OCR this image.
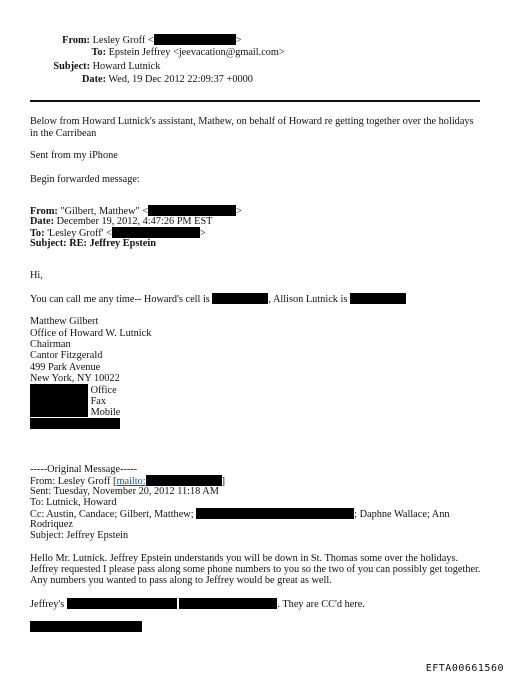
From: Lesley Groff <	>
To: Epstein Jeffrey <jeevacation@gmail.com>
Subject: Howard Lutnick
Date: Wed, 19 Dec 2012 22:09:37 +0000
Below from Howard Lutnick's assistant, Mathew, on behalf of Howard re getting together over the holidays in the Carribean
Sent from my iPhone
Begin forwarded message:
From: "Gilbert, Matthew" <	>
Date: December 19, 2012, 4:47:26 PM EST
To: 'Lesley Groff' <	>
Subject: RE: Jeffrey Epstein
Hi,
You can call me any time-- Howard's cell is	, Allison Lutnick is
Matthew Gilbert
Office of Howard W. Lutnick
Chairman
Cantor Fitzgerald
499 Park Avenue
New York, NY 10022
Office
Fax
Mobile
-----Original Message-----
From: Lesley Groff [mailto:	]
Sent: Tuesday, November 20, 2012 11:18 AM
To: Lutnick, Howard
Cc: Austin, Candace; Gilbert, Matthew;	; Daphne Wallace; Ann
Rodriquez
Subject: Jeffrey Epstein
Hello Mr. Lutnick. Jeffrey Epstein understands you will be down in St. Thomas some over the holidays.
Jeffrey requested I please pass along some phone numbers to you so the two of you can possibly get together.
Any numbers you wanted to pass along to Jeffrey would be great as well.
Jeffrey's	. They are CC'd here.
EFTA00661560
